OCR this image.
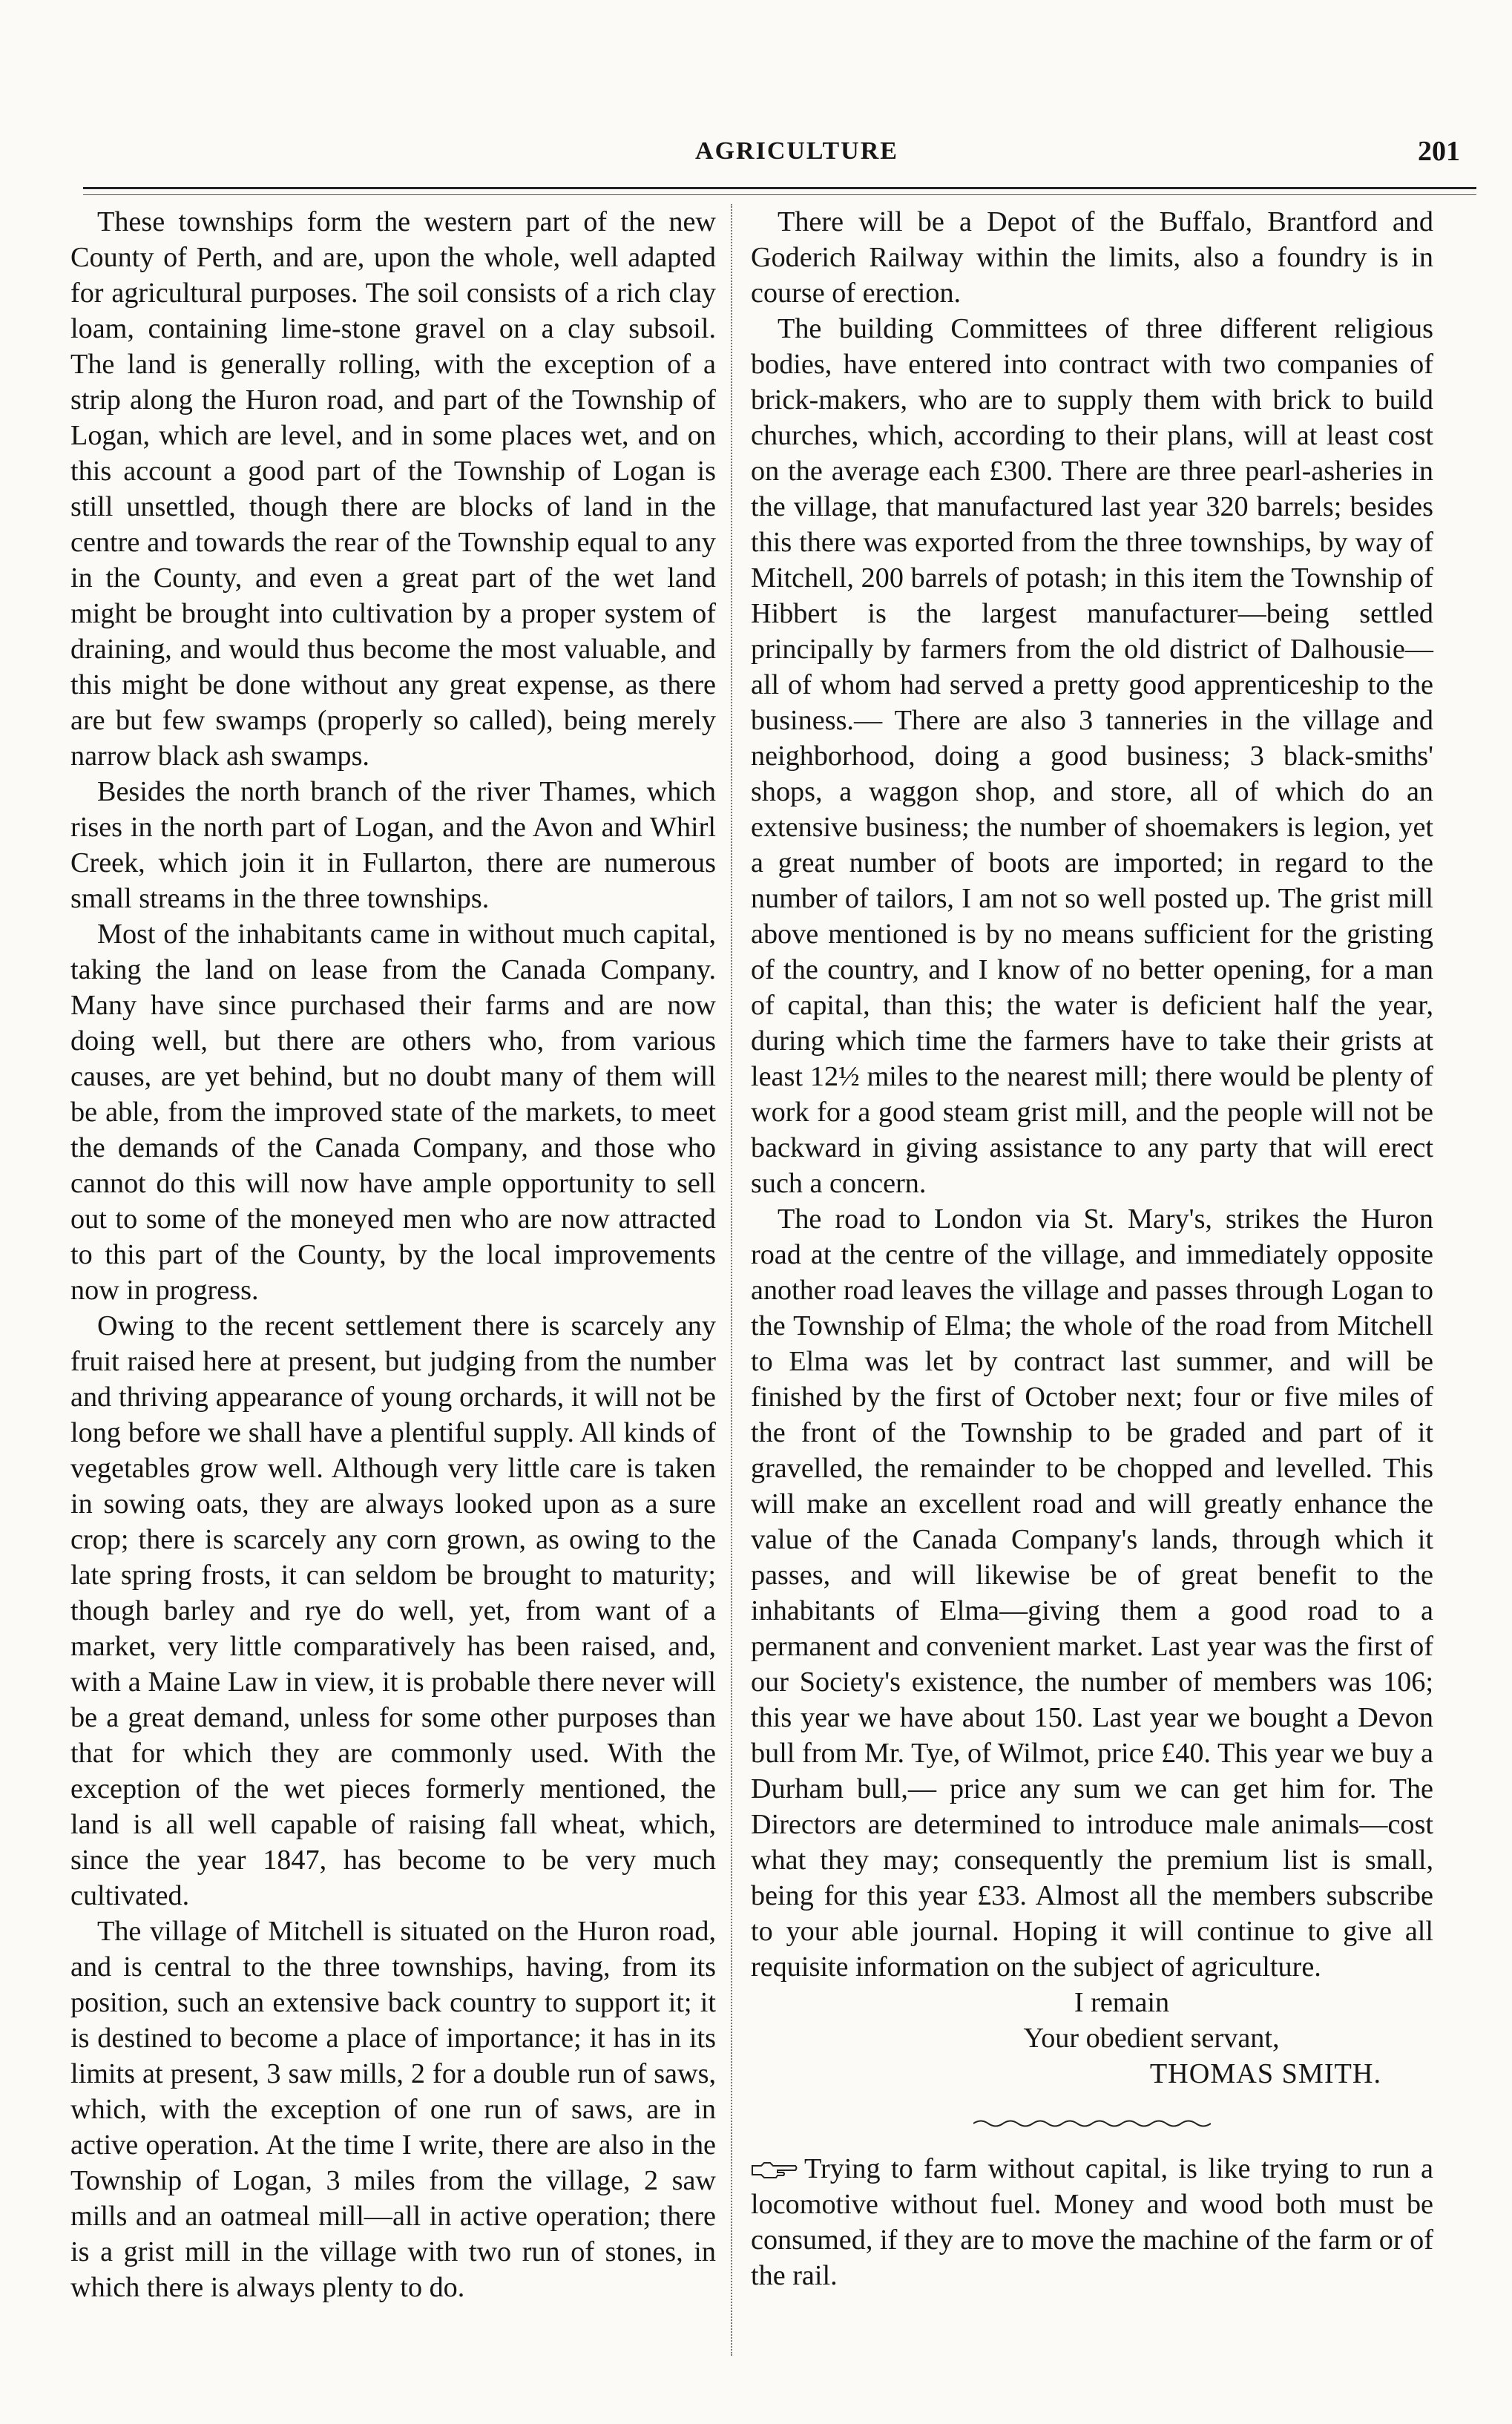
AGRICULTURE	201

These townships form the western part of the new County of Perth, and are, upon the whole, well adapted for agricultural purposes. The soil consists of a rich clay loam, containing lime-stone gravel on a clay subsoil. The land is generally rolling, with the exception of a strip along the Huron road, and part of the Township of Logan, which are level, and in some places wet, and on this account a good part of the Township of Logan is still unsettled, though there are blocks of land in the centre and towards the rear of the Township equal to any in the County, and even a great part of the wet land might be brought into cultivation by a proper system of draining, and would thus become the most valuable, and this might be done without any great expense, as there are but few swamps (properly so called), being merely narrow black ash swamps.

Besides the north branch of the river Thames, which rises in the north part of Logan, and the Avon and Whirl Creek, which join it in Fullarton, there are numerous small streams in the three townships.

Most of the inhabitants came in without much capital, taking the land on lease from the Canada Company. Many have since purchased their farms and are now doing well, but there are others who, from various causes, are yet behind, but no doubt many of them will be able, from the improved state of the markets, to meet the demands of the Canada Company, and those who cannot do this will now have ample opportunity to sell out to some of the moneyed men who are now attracted to this part of the County, by the local improvements now in progress.

Owing to the recent settlement there is scarcely any fruit raised here at present, but judging from the number and thriving appearance of young orchards, it will not be long before we shall have a plentiful supply. All kinds of vegetables grow well. Although very little care is taken in sowing oats, they are always looked upon as a sure crop; there is scarcely any corn grown, as owing to the late spring frosts, it can seldom be brought to maturity; though barley and rye do well, yet, from want of a market, very little comparatively has been raised, and, with a Maine Law in view, it is probable there never will be a great demand, unless for some other purposes than that for which they are commonly used. With the exception of the wet pieces formerly mentioned, the land is all well capable of raising fall wheat, which, since the year 1847, has become to be very much cultivated.

The village of Mitchell is situated on the Huron road, and is central to the three townships, having, from its position, such an extensive back country to support it; it is destined to become a place of importance; it has in its limits at present, 3 saw mills, 2 for a double run of saws, which, with the exception of one run of saws, are in active operation. At the time I write, there are also in the Township of Logan, 3 miles from the village, 2 saw mills and an oatmeal mill—all in active operation; there is a grist mill in the village with two run of stones, in which there is always plenty to do.

There will be a Depot of the Buffalo, Brantford and Goderich Railway within the limits, also a foundry is in course of erection.

The building Committees of three different religious bodies, have entered into contract with two companies of brick-makers, who are to supply them with brick to build churches, which, according to their plans, will at least cost on the average each £300. There are three pearl-asheries in the village, that manufactured last year 320 barrels; besides this there was exported from the three townships, by way of Mitchell, 200 barrels of potash; in this item the Township of Hibbert is the largest manufacturer—being settled principally by farmers from the old district of Dalhousie—all of whom had served a pretty good apprenticeship to the business.— There are also 3 tanneries in the village and neighborhood, doing a good business; 3 black-smiths' shops, a waggon shop, and store, all of which do an extensive business; the number of shoemakers is legion, yet a great number of boots are imported; in regard to the number of tailors, I am not so well posted up. The grist mill above mentioned is by no means sufficient for the gristing of the country, and I know of no better opening, for a man of capital, than this; the water is deficient half the year, during which time the farmers have to take their grists at least 12½ miles to the nearest mill; there would be plenty of work for a good steam grist mill, and the people will not be backward in giving assistance to any party that will erect such a concern.

The road to London via St. Mary's, strikes the Huron road at the centre of the village, and immediately opposite another road leaves the village and passes through Logan to the Township of Elma; the whole of the road from Mitchell to Elma was let by contract last summer, and will be finished by the first of October next; four or five miles of the front of the Township to be graded and part of it gravelled, the remainder to be chopped and levelled. This will make an excellent road and will greatly enhance the value of the Canada Company's lands, through which it passes, and will likewise be of great benefit to the inhabitants of Elma—giving them a good road to a permanent and convenient market. Last year was the first of our Society's existence, the number of members was 106; this year we have about 150. Last year we bought a Devon bull from Mr. Tye, of Wilmot, price £40. This year we buy a Durham bull,— price any sum we can get him for. The Directors are determined to introduce male animals—cost what they may; consequently the premium list is small, being for this year £33. Almost all the members subscribe to your able journal. Hoping it will continue to give all requisite information on the subject of agriculture.

I remain

Your obedient servant,

THOMAS SMITH.

Trying to farm without capital, is like trying to run a locomotive without fuel. Money and wood both must be consumed, if they are to move the machine of the farm or of the rail.
